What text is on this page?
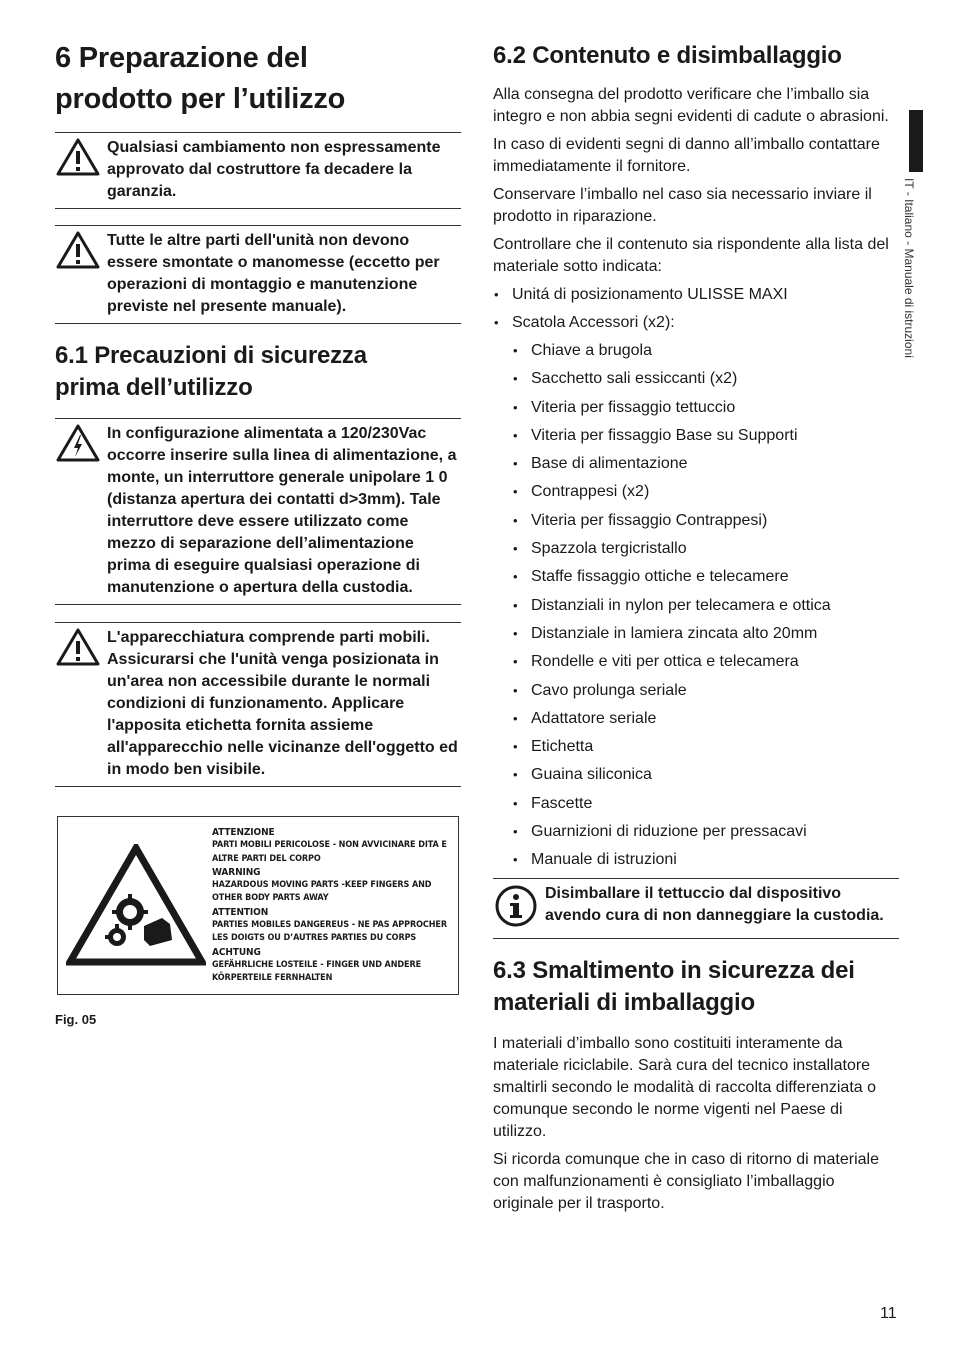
6 Preparazione del
prodotto per l’utilizzo
Qualsiasi cambiamento non espressamente approvato dal costruttore fa decadere la garanzia.
Tutte le altre parti dell'unità non devono essere smontate o manomesse (eccetto per operazioni di montaggio e manutenzione previste nel presente manuale).
6.1 Precauzioni di sicurezza
prima dell’utilizzo
In configurazione alimentata a 120/230Vac occorre inserire sulla linea di alimentazione, a monte, un interruttore generale unipolare 1 0 (distanza apertura dei contatti d>3mm). Tale interruttore deve essere utilizzato come mezzo di separazione dell’alimentazione prima di eseguire qualsiasi operazione di manutenzione o apertura della custodia.
L'apparecchiatura comprende parti mobili. Assicurarsi che l'unità venga posizionata in un'area non accessibile durante le normali condizioni di funzionamento. Applicare l'apposita etichetta fornita assieme all'apparecchio nelle vicinanze dell'oggetto ed in modo ben visibile.
ATTENZIONE
PARTI MOBILI PERICOLOSE - NON AVVICINARE DITA E ALTRE PARTI DEL CORPO
WARNING
HAZARDOUS MOVING PARTS -KEEP FINGERS AND OTHER BODY PARTS AWAY
ATTENTION
PARTIES MOBILES DANGEREUS - NE PAS APPROCHER LES DOIGTS OU D’AUTRES PARTIES DU CORPS
ACHTUNG
GEFÄHRLICHE LOSTEILE - FINGER UND ANDERE KÖRPERTEILE FERNHALTEN
Fig. 05
6.2 Contenuto e disimballaggio

Alla consegna del prodotto verificare che l’imballo sia integro e non abbia segni evidenti di cadute o abrasioni.

In caso di evidenti segni di danno all’imballo contattare immediatamente il fornitore.

Conservare l’imballo nel caso sia necessario inviare il prodotto in riparazione.

Controllare che il contenuto sia rispondente alla lista del materiale sotto indicata:

• Unitá di posizionamento ULISSE MAXI
• Scatola Accessori (x2):
• Chiave a brugola
• Sacchetto sali essiccanti (x2)
• Viteria per fissaggio tettuccio
• Viteria per fissaggio Base su Supporti
• Base di alimentazione
• Contrappesi (x2)
• Viteria per fissaggio Contrappesi)
• Spazzola tergicristallo
• Staffe fissaggio ottiche e telecamere
• Distanziali in nylon per telecamera e ottica
• Distanziale in lamiera zincata alto 20mm
• Rondelle e viti per ottica e telecamera
• Cavo prolunga seriale
• Adattatore seriale
• Etichetta
• Guaina siliconica
• Fascette
• Guarnizioni di riduzione per pressacavi
• Manuale di istruzioni
Disimballare il tettuccio dal dispositivo avendo cura di non danneggiare la custodia.
6.3 Smaltimento in sicurezza dei
materiali di imballaggio

I materiali d’imballo sono costituiti interamente da materiale riciclabile. Sarà cura del tecnico installatore smaltirli secondo le modalità di raccolta differenziata o comunque secondo le norme vigenti nel Paese di utilizzo.

Si ricorda comunque che in caso di ritorno di materiale con malfunzionamenti è consigliato l’imballaggio originale per il trasporto.

IT - Italiano - Manuale di istruzioni
11
